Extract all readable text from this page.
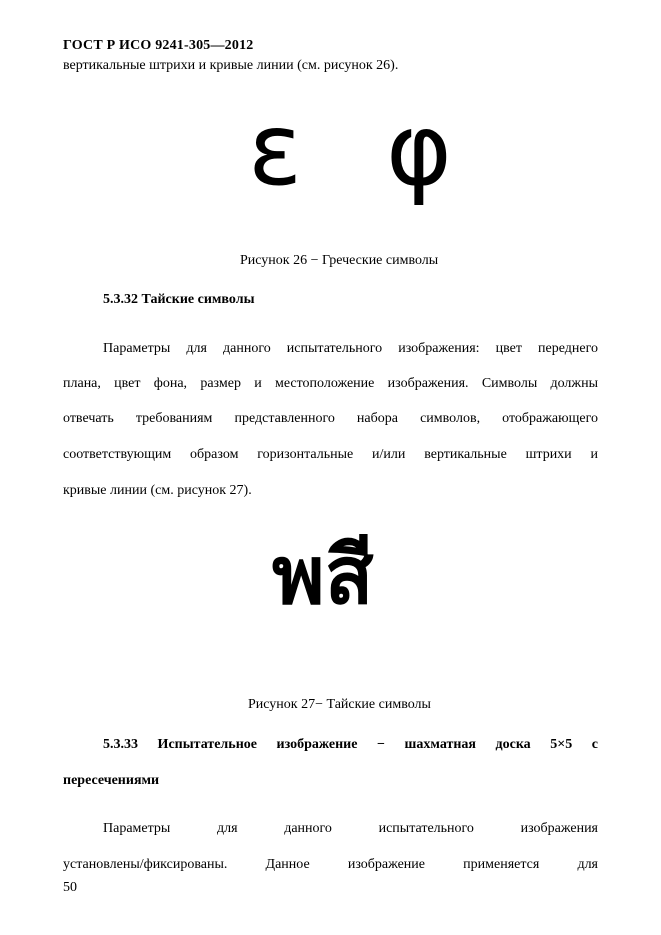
ГОСТ Р ИСО 9241-305—2012
вертикальные штрихи и кривые линии (см. рисунок 26).
ε φ
Рисунок 26 − Греческие символы
5.3.32 Тайские символы
Параметры для данного испытательного изображения: цвет переднего
плана, цвет фона, размер и местоположение изображения. Символы должны
отвечать требованиям представленного набора символов, отображающего
соответствующим образом горизонтальные и/или вертикальные штрихи и
кривые линии (см. рисунок 27).
พสี
Рисунок 27− Тайские символы
5.3.33 Испытательное изображение − шахматная доска 5×5 с
пересечениями
Параметры для данного испытательного изображения
установлены/фиксированы. Данное изображение применяется для
50
